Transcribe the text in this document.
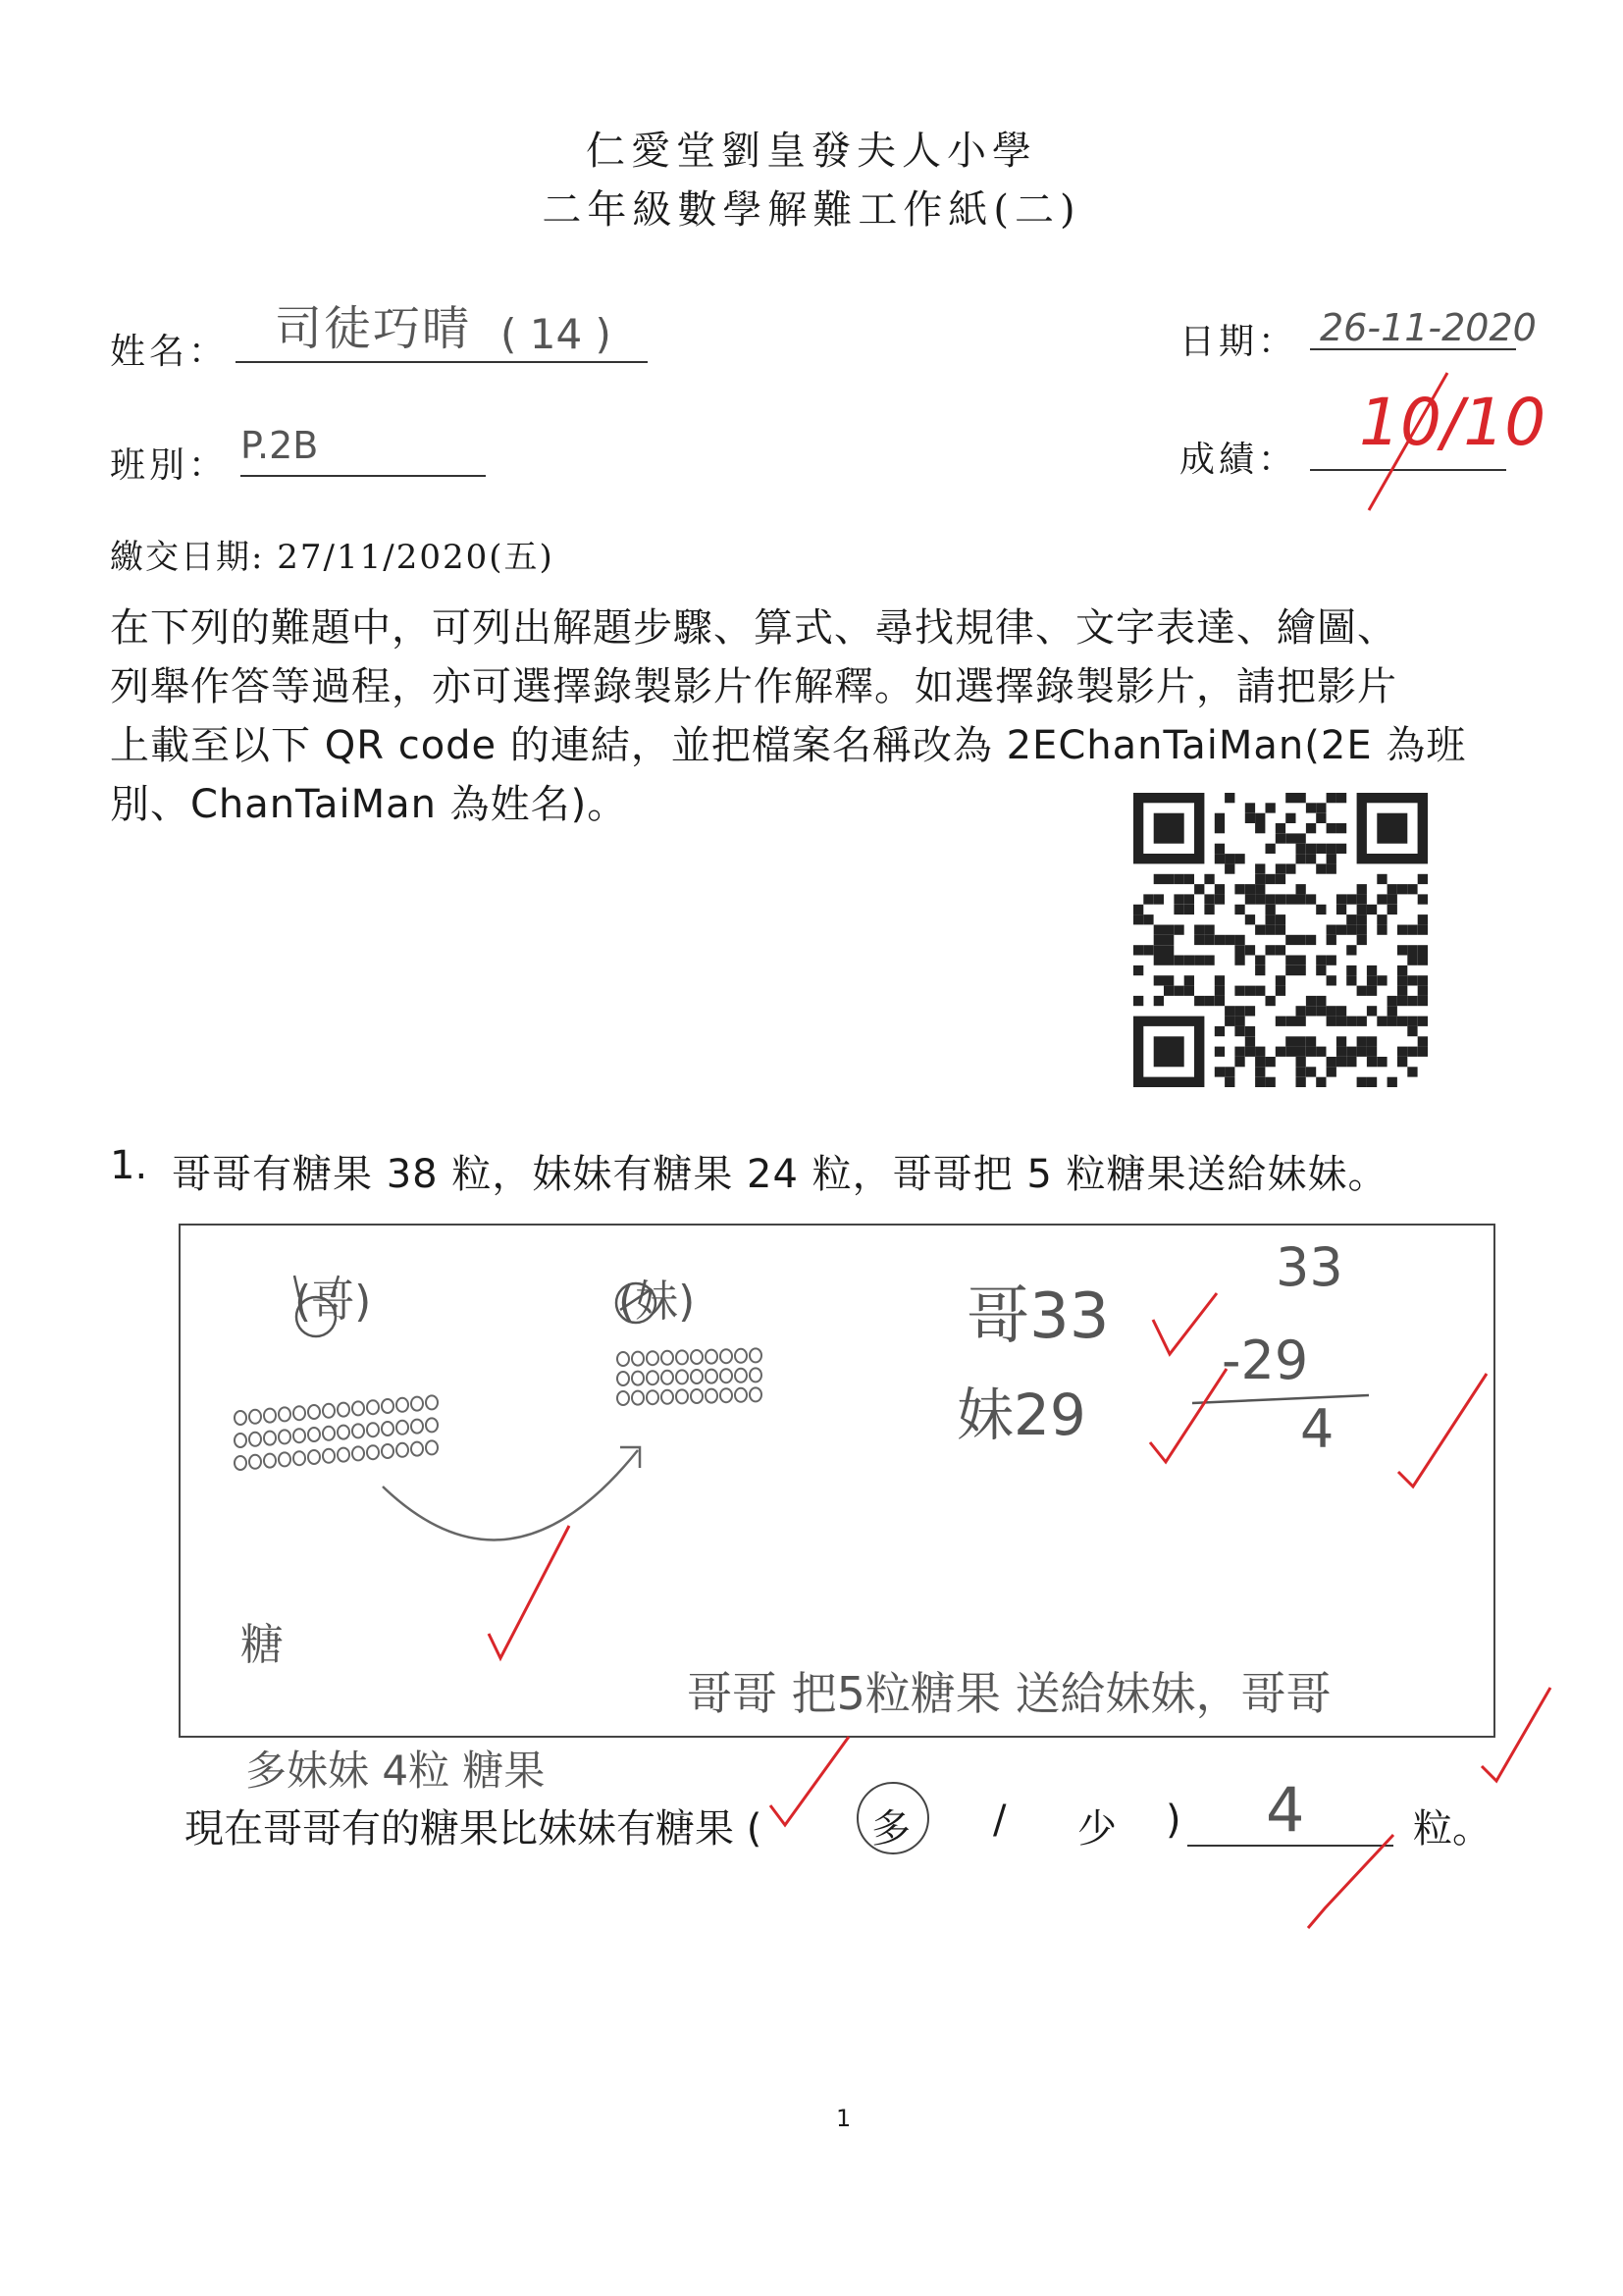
仁愛堂劉皇發夫人小學
二年級數學解難工作紙(二)
姓名： 司徒巧晴 ( 14 )	日期： 26-11-2020
班別： P.2B	成績： 10/10
繳交日期: 27/11/2020(五)
在下列的難題中，可列出解題步驟、算式、尋找規律、文字表達、繪圖、
列舉作答等過程，亦可選擇錄製影片作解釋。如選擇錄製影片，請把影片
上載至以下 QR code 的連結，並把檔案名稱改為 2EChanTaiMan(2E 為班
別、ChanTaiMan 為姓名)。
1. 哥哥有糖果 38 粒，妹妹有糖果 24 粒，哥哥把 5 粒糖果送給妹妹。
(哥)	(妹)	哥33
妹29
33
-29
4
糖
哥哥 把5粒糖果 送給妹妹，哥哥
多妹妹 4粒 糖果
現在哥哥有的糖果比妹妹有糖果 (	多 / 少 ) 4	粒。
1
